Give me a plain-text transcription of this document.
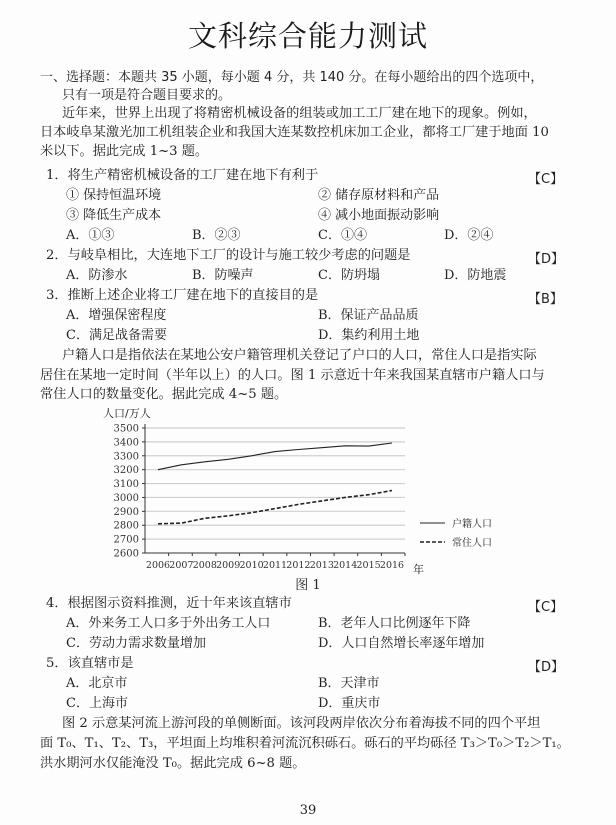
文科综合能力测试
一、选择题：本题共 35 小题，每小题 4 分，共 140 分。在每小题给出的四个选项中，
只有一项是符合题目要求的。
近年来，世界上出现了将精密机械设备的组装或加工工厂建在地下的现象。例如，
日本岐阜某激光加工机组装企业和我国大连某数控机床加工企业，都将工厂建于地面 10
米以下。据此完成 1~3 题。
1．将生产精密机械设备的工厂建在地下有利于	【C】
① 保持恒温环境	② 储存原材料和产品
③ 降低生产成本	④ 减小地面振动影响
A．①③	B．②③	C．①④	D．②④
2．与岐阜相比，大连地下工厂的设计与施工较少考虑的问题是	【D】
A．防渗水	B．防噪声	C．防坍塌	D．防地震
3．推断上述企业将工厂建在地下的直接目的是	【B】
A．增强保密程度	B．保证产品品质
C．满足战备需要	D．集约利用土地
户籍人口是指依法在某地公安户籍管理机关登记了户口的人口，常住人口是指实际
居住在某地一定时间（半年以上）的人口。图 1 示意近十年来我国某直辖市户籍人口与
常住人口的数量变化。据此完成 4~5 题。
2600
2700
2800
2900
3000
3100
3200
3300
3400
3500
2006 2007 2008 2009 2010 2011 2012 2013 2014 2015 2016
户籍人口
常住人口
人口/万人
年
图 1
4．根据图示资料推测，近十年来该直辖市	【C】
A．外来务工人口多于外出务工人口	B．老年人口比例逐年下降
C．劳动力需求数量增加	D．人口自然增长率逐年增加
5．该直辖市是	【D】
A．北京市	B．天津市
C．上海市	D．重庆市
图 2 示意某河流上游河段的单侧断面。该河段两岸依次分布着海拔不同的四个平坦
面 T₀、T₁、T₂、T₃，平坦面上均堆积着河流沉积砾石。砾石的平均砾径 T₃＞T₀＞T₂＞T₁。
洪水期河水仅能淹没 T₀。据此完成 6~8 题。
39
